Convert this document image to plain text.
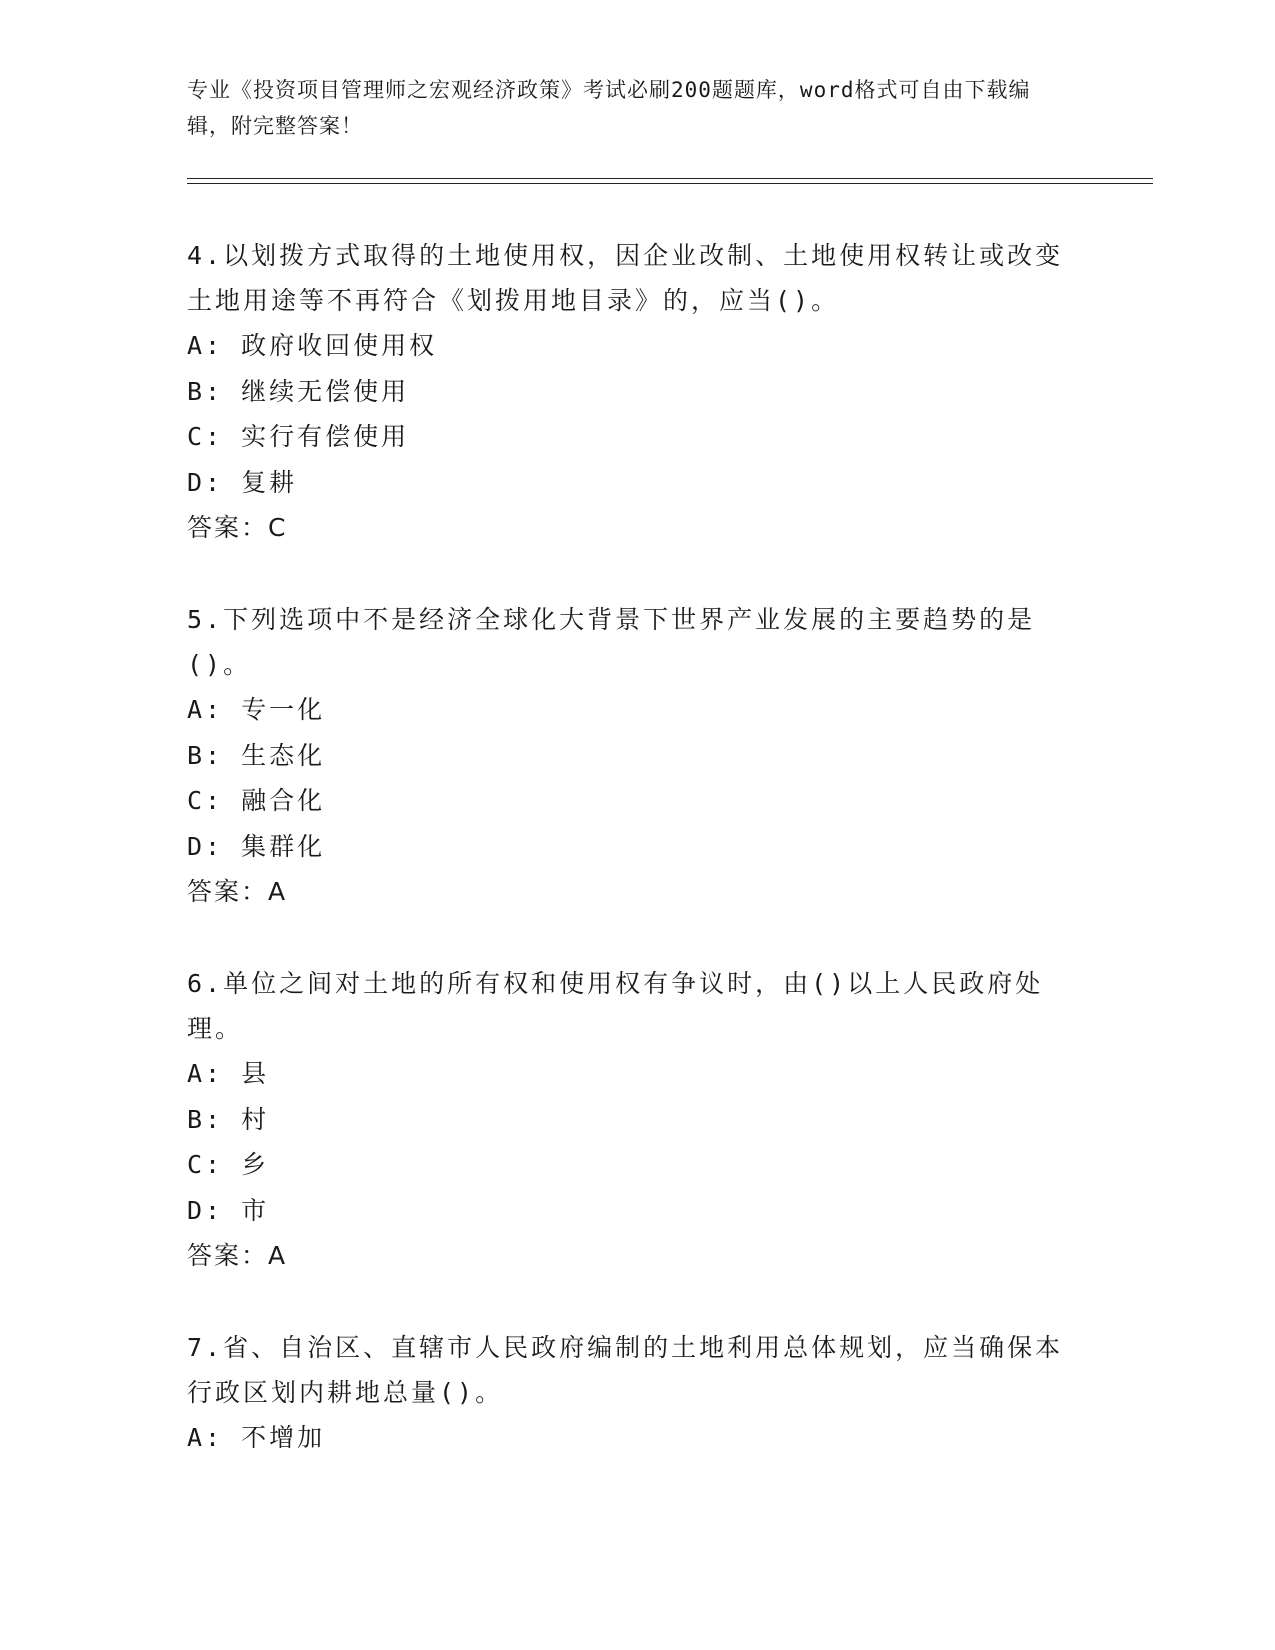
专业《投资项目管理师之宏观经济政策》考试必刷200题题库，word格式可自由下载编辑，附完整答案！
4.以划拨方式取得的土地使用权，因企业改制、土地使用权转让或改变土地用途等不再符合《划拨用地目录》的，应当()。
A: 政府收回使用权
B: 继续无偿使用
C: 实行有偿使用
D: 复耕
答案：C
5.下列选项中不是经济全球化大背景下世界产业发展的主要趋势的是()。
A: 专一化
B: 生态化
C: 融合化
D: 集群化
答案：A
6.单位之间对土地的所有权和使用权有争议时，由()以上人民政府处理。
A: 县
B: 村
C: 乡
D: 市
答案：A
7.省、自治区、直辖市人民政府编制的土地利用总体规划，应当确保本行政区划内耕地总量()。
A: 不增加
